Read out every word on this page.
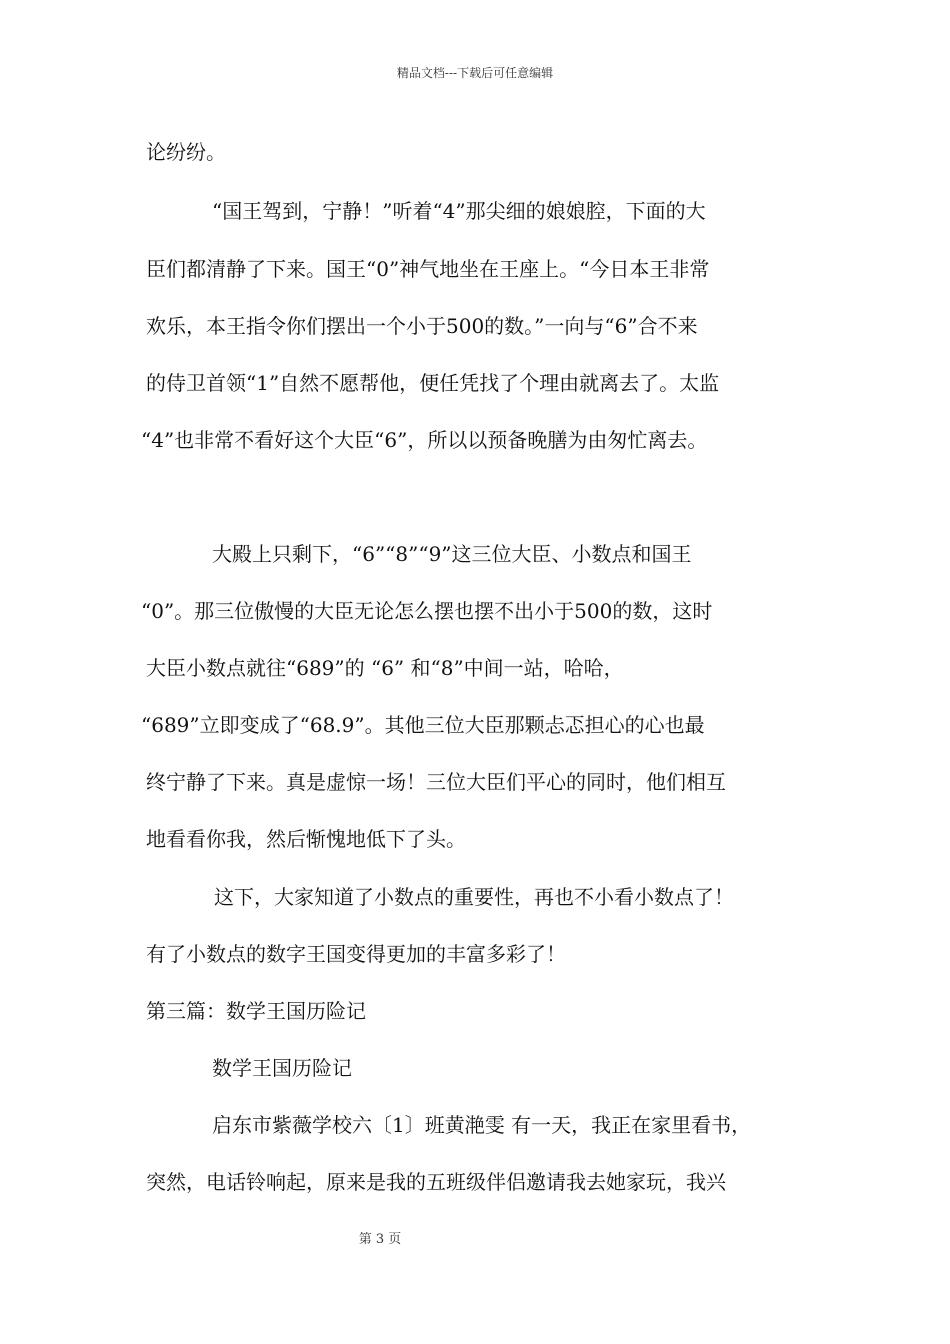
精品文档---下载后可任意编辑
论纷纷。
“国王驾到，宁静！”听着“4”那尖细的娘娘腔，下面的大
臣们都清静了下来。国王“0”神气地坐在王座上。“今日本王非常
欢乐，本王指令你们摆出一个小于500的数。”一向与“6”合不来
的侍卫首领“1”自然不愿帮他，便任凭找了个理由就离去了。太监
“4”也非常不看好这个大臣“6”，所以以预备晚膳为由匆忙离去。
大殿上只剩下，“6”“8”“9”这三位大臣、小数点和国王
“0”。那三位傲慢的大臣无论怎么摆也摆不出小于500的数，这时
大臣小数点就往“689”的 “6” 和“8”中间一站，哈哈，
“689”立即变成了“68.9”。其他三位大臣那颗忐忑担心的心也最
终宁静了下来。真是虚惊一场！三位大臣们平心的同时，他们相互
地看看你我，然后惭愧地低下了头。
这下，大家知道了小数点的重要性，再也不小看小数点了！
有了小数点的数字王国变得更加的丰富多彩了！
第三篇：数学王国历险记
数学王国历险记
启东市紫薇学校六〔1〕班黄滟雯 有一天，我正在家里看书，
突然，电话铃响起，原来是我的五班级伴侣邀请我去她家玩，我兴
第 3 页
